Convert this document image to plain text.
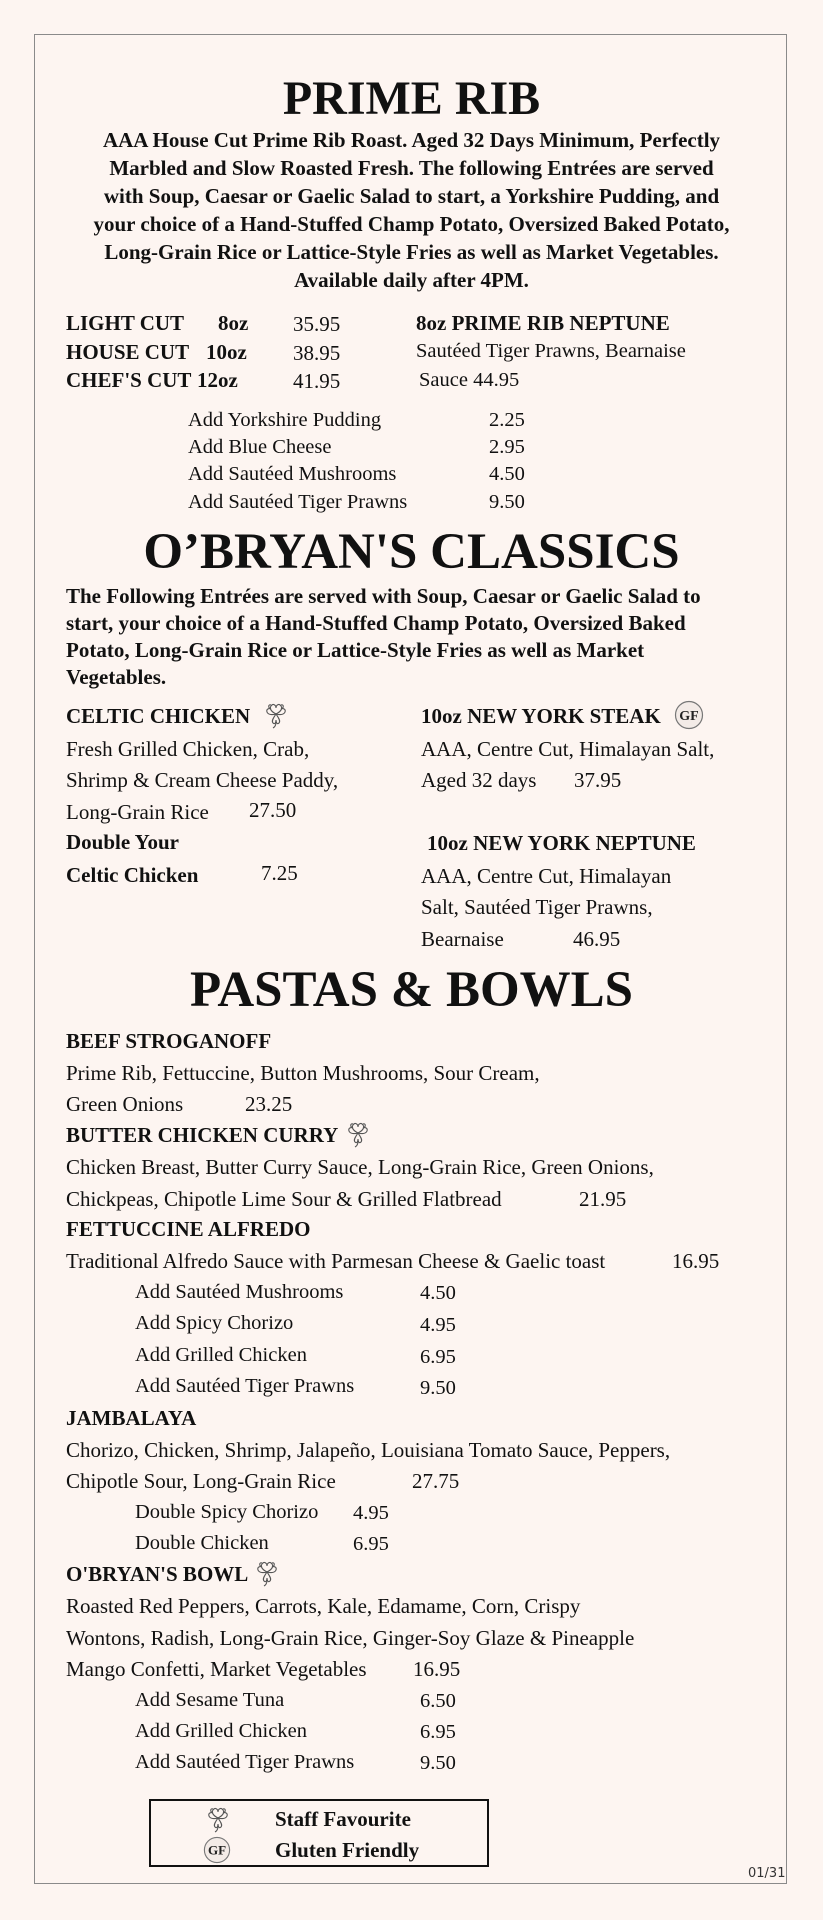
PRIME RIB
AAA House Cut Prime Rib Roast. Aged 32 Days Minimum, Perfectly
Marbled and Slow Roasted Fresh. The following Entrées are served
with Soup, Caesar or Gaelic Salad to start, a Yorkshire Pudding, and
your choice of a Hand-Stuffed Champ Potato, Oversized Baked Potato,
Long-Grain Rice or Lattice-Style Fries as well as Market Vegetables.
Available daily after 4PM.
LIGHT CUT 8oz 35.95
HOUSE CUT 10oz 38.95
CHEF'S CUT 12oz	41.95
8oz PRIME RIB NEPTUNE
Sautéed Tiger Prawns, Bearnaise
Sauce 44.95
Add Yorkshire Pudding	2.25
Add Blue Cheese	2.95
Add Sautéed Mushrooms	4.50
Add Sautéed Tiger Prawns	9.50
O’BRYAN'S CLASSICS
The Following Entrées are served with Soup, Caesar or Gaelic Salad to
start, your choice of a Hand-Stuffed Champ Potato, Oversized Baked
Potato, Long-Grain Rice or Lattice-Style Fries as well as Market
Vegetables.
CELTIC CHICKEN
Fresh Grilled Chicken, Crab,
Shrimp & Cream Cheese Paddy,
Long-Grain Rice 27.50
Double Your
Celtic Chicken	7.25
10oz NEW YORK STEAK GF
AAA, Centre Cut, Himalayan Salt,
Aged 32 days 37.95
10oz NEW YORK NEPTUNE
AAA, Centre Cut, Himalayan
Salt, Sautéed Tiger Prawns,
Bearnaise	46.95
PASTAS & BOWLS
BEEF STROGANOFF
Prime Rib, Fettuccine, Button Mushrooms, Sour Cream,
Green Onions	23.25
BUTTER CHICKEN CURRY
Chicken Breast, Butter Curry Sauce, Long-Grain Rice, Green Onions,
Chickpeas, Chipotle Lime Sour & Grilled Flatbread	21.95
FETTUCCINE ALFREDO
Traditional Alfredo Sauce with Parmesan Cheese & Gaelic toast	16.95
Add Sautéed Mushrooms	4.50
Add Spicy Chorizo	4.95
Add Grilled Chicken	6.95
Add Sautéed Tiger Prawns	9.50
JAMBALAYA
Chorizo, Chicken, Shrimp, Jalapeño, Louisiana Tomato Sauce, Peppers,
Chipotle Sour, Long-Grain Rice	27.75
Double Spicy Chorizo 4.95
Double Chicken	6.95
O'BRYAN'S BOWL
Roasted Red Peppers, Carrots, Kale, Edamame, Corn, Crispy
Wontons, Radish, Long-Grain Rice, Ginger-Soy Glaze & Pineapple
Mango Confetti, Market Vegetables 16.95
Add Sesame Tuna	6.50
Add Grilled Chicken	6.95
Add Sautéed Tiger Prawns	9.50
Staff Favourite
GF Gluten Friendly
01/31
